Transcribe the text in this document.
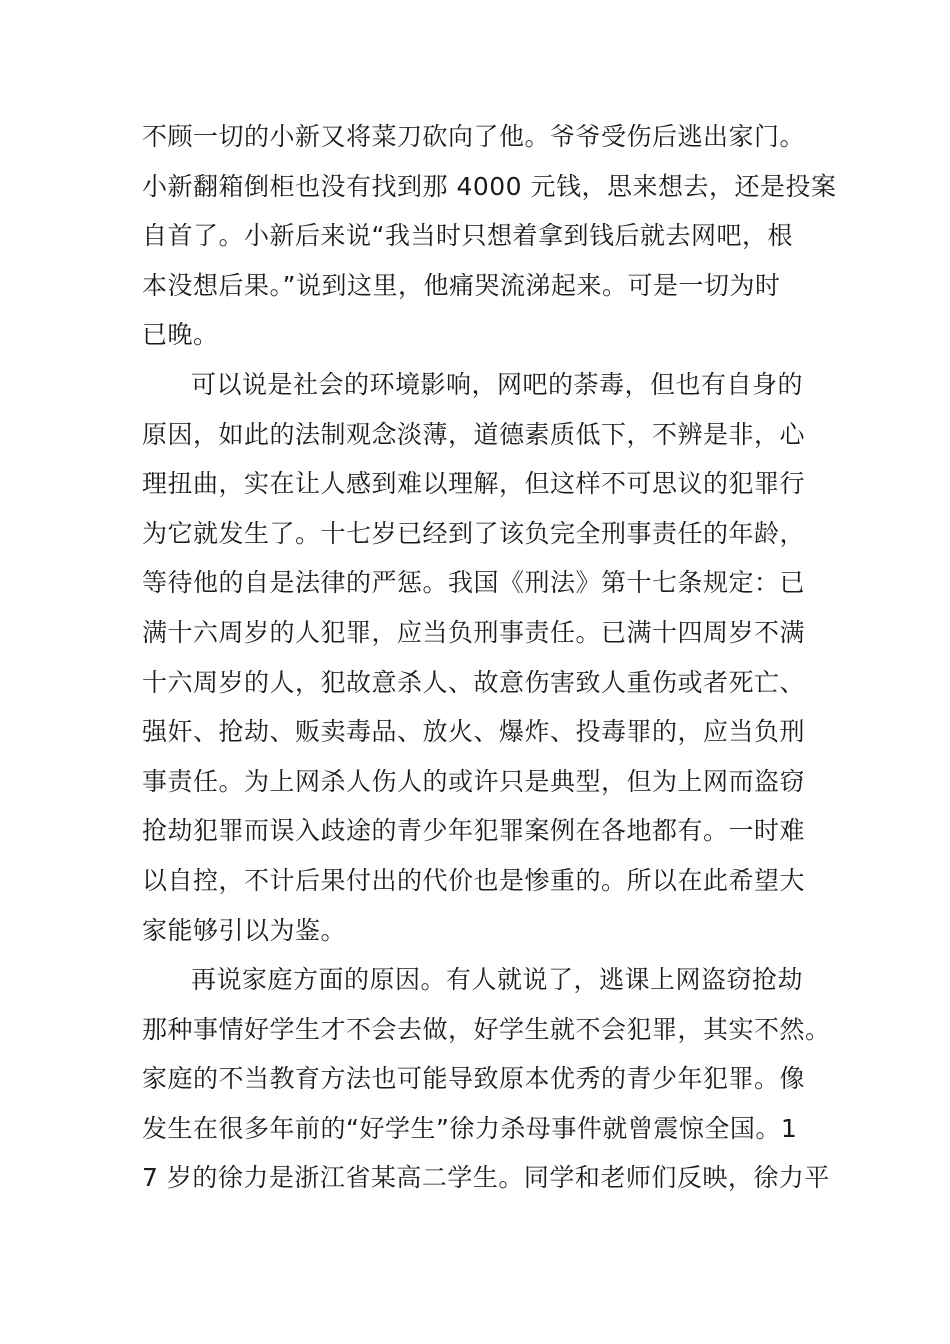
不顾一切的小新又将菜刀砍向了他。爷爷受伤后逃出家门。
小新翻箱倒柜也没有找到那 4000 元钱，思来想去，还是投案
自首了。小新后来说“我当时只想着拿到钱后就去网吧，根
本没想后果。”说到这里，他痛哭流涕起来。可是一切为时
已晚。
可以说是社会的环境影响，网吧的荼毒，但也有自身的
原因，如此的法制观念淡薄，道德素质低下，不辨是非，心
理扭曲，实在让人感到难以理解，但这样不可思议的犯罪行
为它就发生了。十七岁已经到了该负完全刑事责任的年龄，
等待他的自是法律的严惩。我国《刑法》第十七条规定：已
满十六周岁的人犯罪，应当负刑事责任。已满十四周岁不满
十六周岁的人，犯故意杀人、故意伤害致人重伤或者死亡、
强奸、抢劫、贩卖毒品、放火、爆炸、投毒罪的，应当负刑
事责任。为上网杀人伤人的或许只是典型，但为上网而盗窃
抢劫犯罪而误入歧途的青少年犯罪案例在各地都有。一时难
以自控，不计后果付出的代价也是惨重的。所以在此希望大
家能够引以为鉴。
再说家庭方面的原因。有人就说了，逃课上网盗窃抢劫
那种事情好学生才不会去做，好学生就不会犯罪，其实不然。
家庭的不当教育方法也可能导致原本优秀的青少年犯罪。像
发生在很多年前的“好学生”徐力杀母事件就曾震惊全国。1
7 岁的徐力是浙江省某高二学生。同学和老师们反映，徐力平
